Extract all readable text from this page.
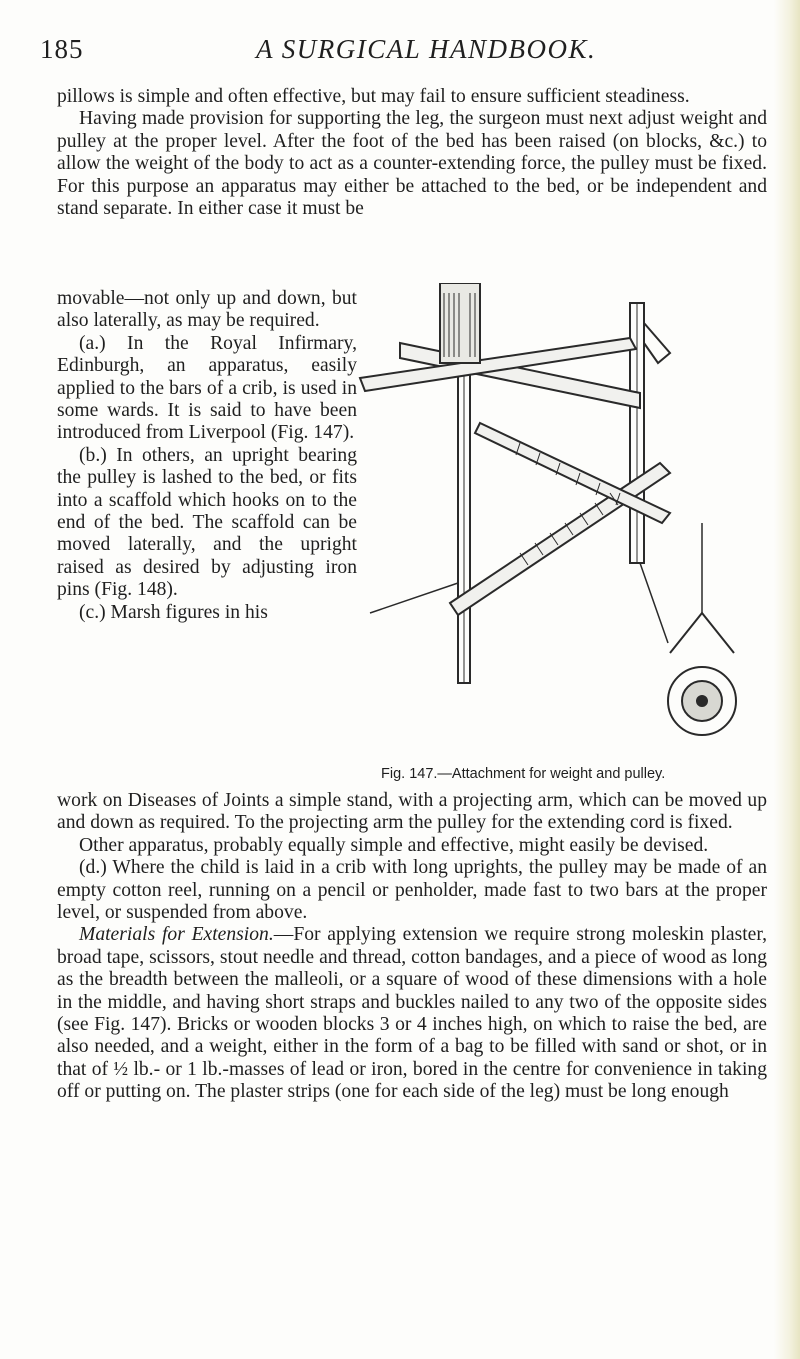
185	A SURGICAL HANDBOOK.

pillows is simple and often effective, but may fail to ensure sufficient steadiness.

Having made provision for supporting the leg, the surgeon must next adjust weight and pulley at the proper level. After the foot of the bed has been raised (on blocks, &c.) to allow the weight of the body to act as a counter-extending force, the pulley must be fixed. For this purpose an apparatus may either be attached to the bed, or be independent and stand separate. In either case it must be

movable—not only up and down, but also laterally, as may be required.

(a.) In the Royal Infirmary, Edinburgh, an apparatus, easily applied to the bars of a crib, is used in some wards. It is said to have been introduced from Liverpool (Fig. 147).

(b.) In others, an upright bearing the pulley is lashed to the bed, or fits into a scaffold which hooks on to the end of the bed. The scaffold can be moved laterally, and the upright raised as desired by adjusting iron pins (Fig. 148).

(c.) Marsh figures in his

Fig. 147.—Attachment for weight and pulley.

work on Diseases of Joints a simple stand, with a projecting arm, which can be moved up and down as required. To the projecting arm the pulley for the extending cord is fixed.

Other apparatus, probably equally simple and effective, might easily be devised.

(d.) Where the child is laid in a crib with long uprights, the pulley may be made of an empty cotton reel, running on a pencil or penholder, made fast to two bars at the proper level, or suspended from above.

Materials for Extension.—For applying extension we require strong moleskin plaster, broad tape, scissors, stout needle and thread, cotton bandages, and a piece of wood as long as the breadth between the malleoli, or a square of wood of these dimensions with a hole in the middle, and having short straps and buckles nailed to any two of the opposite sides (see Fig. 147). Bricks or wooden blocks 3 or 4 inches high, on which to raise the bed, are also needed, and a weight, either in the form of a bag to be filled with sand or shot, or in that of ½ lb.- or 1 lb.-masses of lead or iron, bored in the centre for convenience in taking off or putting on. The plaster strips (one for each side of the leg) must be long enough
